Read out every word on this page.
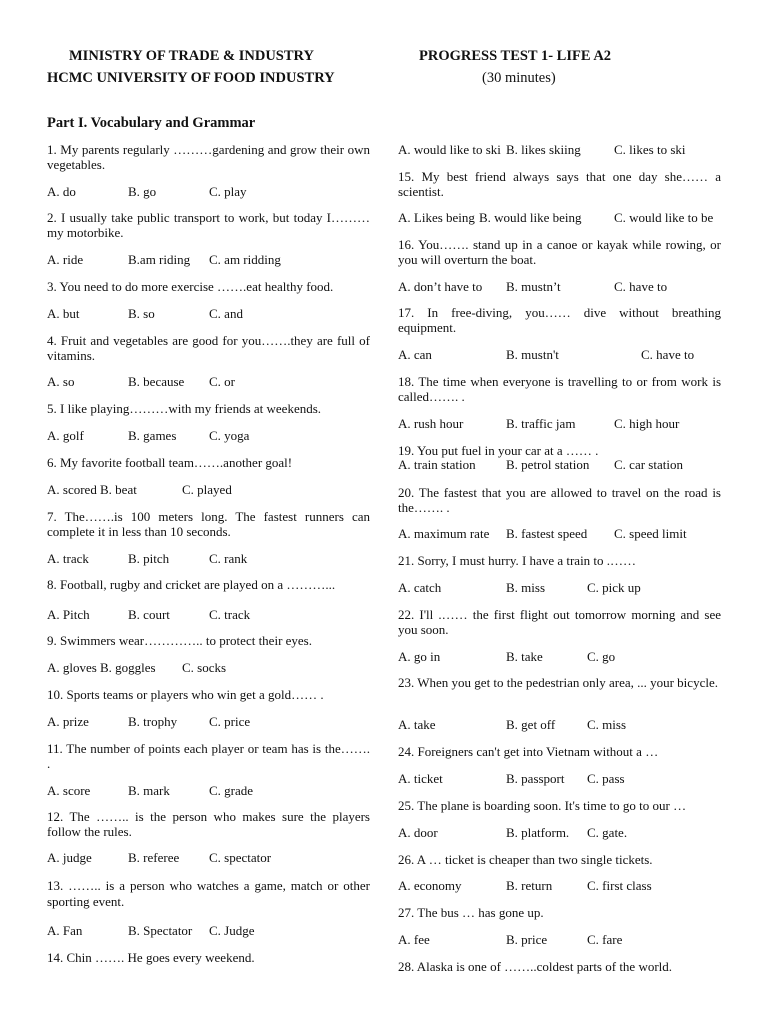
MINISTRY OF TRADE & INDUSTRY
HCMC UNIVERSITY OF FOOD INDUSTRY
PROGRESS TEST 1- LIFE A2
(30 minutes)
Part I. Vocabulary and Grammar
1. My parents regularly ………gardening and grow their own vegetables.
A. do	B. go	C. play
2. I usually take public transport to work, but today I………my motorbike.
A. ride	B.am riding C. am ridding
3. You need to do more exercise …….eat healthy food.
A. but	B. so	C. and
4. Fruit and vegetables are good for you…….they are full of vitamins.
A. so	B. because C. or
5. I like playing………with my friends at weekends.
A. golf	B. games	C. yoga
6. My favorite football team…….another goal!
A. scored B. beat	C. played
7. The…….is 100 meters long. The fastest runners can complete it in less than 10 seconds.
A. track	B. pitch	C. rank
8. Football, rugby and cricket are played on a ………...
A. Pitch	B. court	C. track
9. Swimmers wear………….. to protect their eyes.
A. gloves B. goggles C. socks
10. Sports teams or players who win get a gold…… .
A. prize	B. trophy C. price
11. The number of points each player or team has is the……. .
A. score	B. mark	C. grade
12. The …….. is the person who makes sure the players follow the rules.
A. judge	B. referee C. spectator
13. …….. is a person who watches a game, match or other sporting event.
A. Fan	B. Spectator C. Judge
14. Chin ……. He goes every weekend.
A. would like to ski B. likes skiing	C. likes to ski
15. My best friend always says that one day she…… a scientist.
A. Likes being B. would like being C. would like to be
16. You……. stand up in a canoe or kayak while rowing, or you will overturn the boat.
A. don’t have to B. mustn’t	C. have to
17. In free-diving, you…… dive without breathing equipment.
A. can	B. mustn't	C. have to
18. The time when everyone is travelling to or from work is called……. .
A. rush hour	B. traffic jam	C. high hour
19. You put fuel in your car at a …… .
A. train station B. petrol station C. car station
20. The fastest that you are allowed to travel on the road is the……. .
A. maximum rate B. fastest speed C. speed limit
21. Sorry, I must hurry. I have a train to .……
A. catch	B. miss	C. pick up
22. I'll .…… the first flight out tomorrow morning and see you soon.
A. go in	B. take	C. go
23. When you get to the pedestrian only area, ... your bicycle.
A. take	B. get off C. miss
24. Foreigners can't get into Vietnam without a …
A. ticket	B. passport C. pass
25. The plane is boarding soon. It's time to go to our …
A. door	B. platform. C. gate.
26. A … ticket is cheaper than two single tickets.
A. economy	B. return	C. first class
27. The bus … has gone up.
A. fee	B. price	C. fare
28. Alaska is one of ……..coldest parts of the world.
